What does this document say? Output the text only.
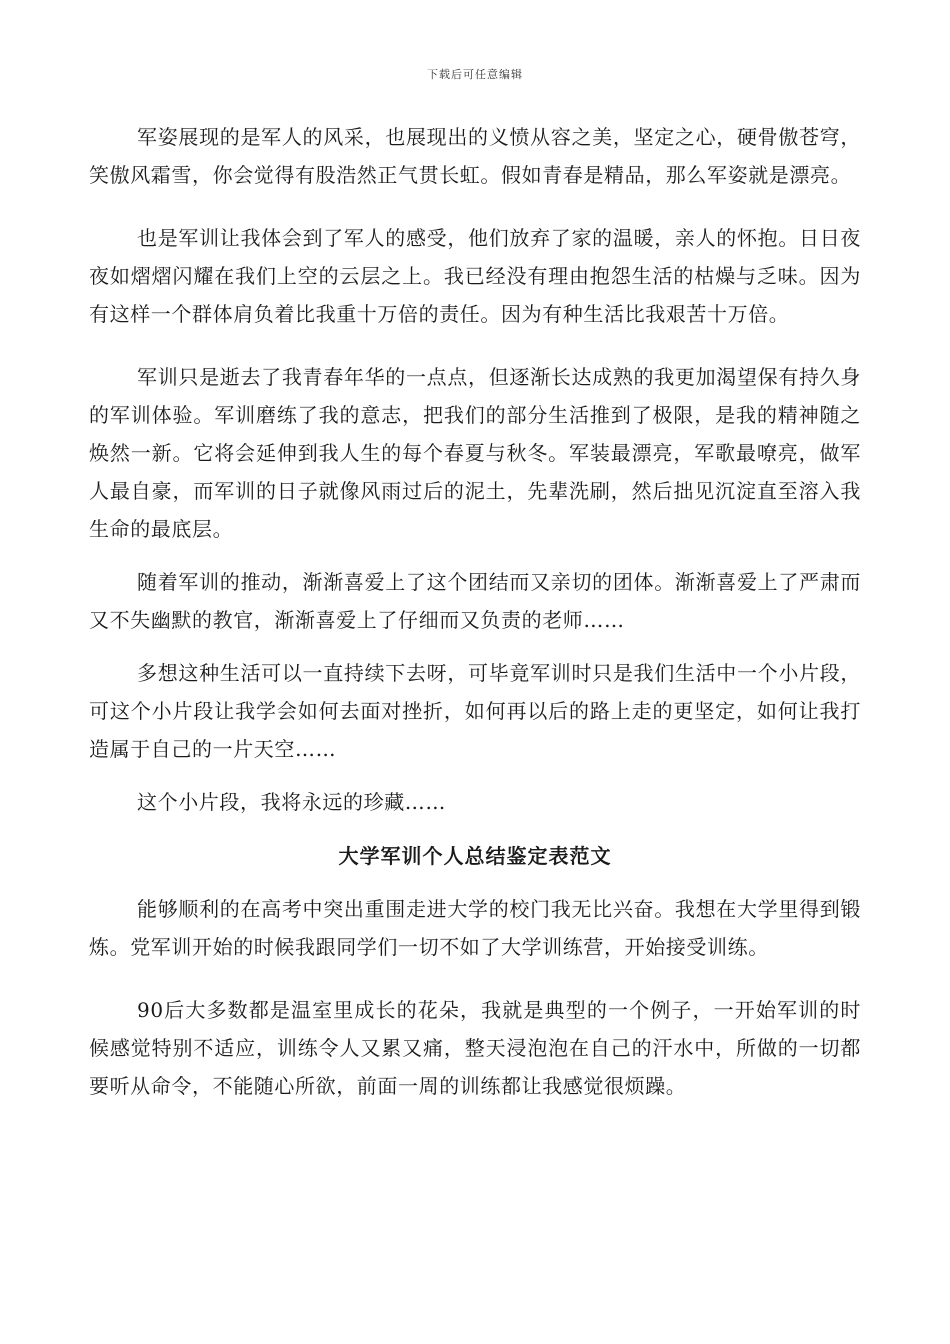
下载后可任意编辑

军姿展现的是军人的风采，也展现出的义愤从容之美，坚定之心，硬骨傲苍穹，笑傲风霜雪，你会觉得有股浩然正气贯长虹。假如青春是精品，那么军姿就是漂亮。

也是军训让我体会到了军人的感受，他们放弃了家的温暖，亲人的怀抱。日日夜夜如熠熠闪耀在我们上空的云层之上。我已经没有理由抱怨生活的枯燥与乏味。因为有这样一个群体肩负着比我重十万倍的责任。因为有种生活比我艰苦十万倍。

军训只是逝去了我青春年华的一点点，但逐渐长达成熟的我更加渴望保有持久身的军训体验。军训磨练了我的意志，把我们的部分生活推到了极限，是我的精神随之焕然一新。它将会延伸到我人生的每个春夏与秋冬。军装最漂亮，军歌最嘹亮，做军人最自豪，而军训的日子就像风雨过后的泥土，先辈洗刷，然后拙见沉淀直至溶入我生命的最底层。

随着军训的推动，渐渐喜爱上了这个团结而又亲切的团体。渐渐喜爱上了严肃而又不失幽默的教官，渐渐喜爱上了仔细而又负责的老师……

多想这种生活可以一直持续下去呀，可毕竟军训时只是我们生活中一个小片段，可这个小片段让我学会如何去面对挫折，如何再以后的路上走的更坚定，如何让我打造属于自己的一片天空……

这个小片段，我将永远的珍藏……

大学军训个人总结鉴定表范文

能够顺利的在高考中突出重围走进大学的校门我无比兴奋。我想在大学里得到锻炼。党军训开始的时候我跟同学们一切不如了大学训练营，开始接受训练。

90后大多数都是温室里成长的花朵，我就是典型的一个例子，一开始军训的时候感觉特别不适应，训练令人又累又痛，整天浸泡泡在自己的汗水中，所做的一切都要听从命令，不能随心所欲，前面一周的训练都让我感觉很烦躁。
